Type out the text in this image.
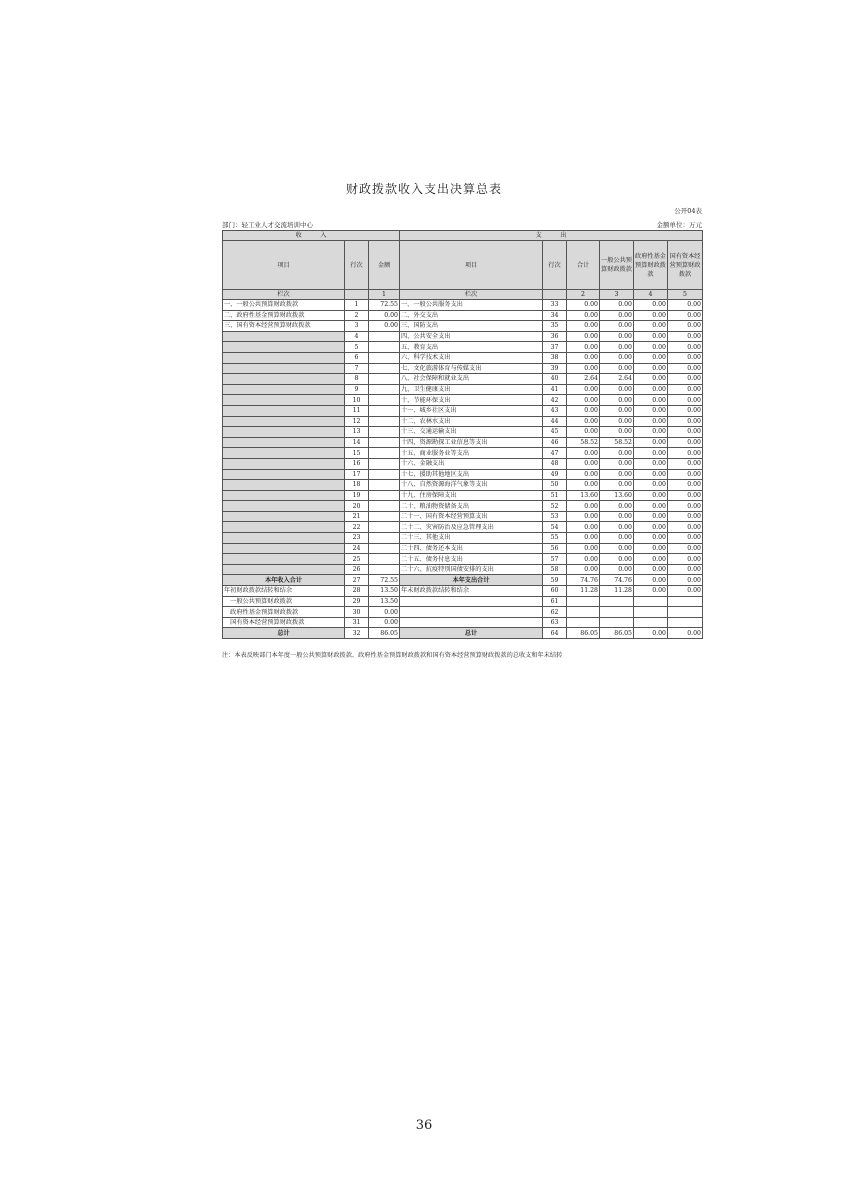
财政拨款收入支出决算总表
公开04表
部门：轻工业人才交流培训中心	金额单位：万元
收　　　入			支　　　出					
项目	行次	金额	项目	行次	合计	一般公共预算财政拨款	政府性基金预算财政拨款	国有资本经营预算财政拨款
栏次		1	栏次		2	3	4	5
一、一般公共预算财政拨款	1	72.55	一、一般公共服务支出	33	0.00	0.00	0.00	0.00
二、政府性基金预算财政拨款	2	0.00	二、外交支出	34	0.00	0.00	0.00	0.00
三、国有资本经营预算财政拨款	3	0.00	三、国防支出	35	0.00	0.00	0.00	0.00
	4		四、公共安全支出	36	0.00	0.00	0.00	0.00
	5		五、教育支出	37	0.00	0.00	0.00	0.00
	6		六、科学技术支出	38	0.00	0.00	0.00	0.00
	7		七、文化旅游体育与传媒支出	39	0.00	0.00	0.00	0.00
	8		八、社会保障和就业支出	40	2.64	2.64	0.00	0.00
	9		九、卫生健康支出	41	0.00	0.00	0.00	0.00
	10		十、节能环保支出	42	0.00	0.00	0.00	0.00
	11		十一、城乡社区支出	43	0.00	0.00	0.00	0.00
	12		十二、农林水支出	44	0.00	0.00	0.00	0.00
	13		十三、交通运输支出	45	0.00	0.00	0.00	0.00
	14		十四、资源勘探工业信息等支出	46	58.52	58.52	0.00	0.00
	15		十五、商业服务业等支出	47	0.00	0.00	0.00	0.00
	16		十六、金融支出	48	0.00	0.00	0.00	0.00
	17		十七、援助其他地区支出	49	0.00	0.00	0.00	0.00
	18		十八、自然资源海洋气象等支出	50	0.00	0.00	0.00	0.00
	19		十九、住房保障支出	51	13.60	13.60	0.00	0.00
	20		二十、粮油物资储备支出	52	0.00	0.00	0.00	0.00
	21		二十一、国有资本经营预算支出	53	0.00	0.00	0.00	0.00
	22		二十二、灾害防治及应急管理支出	54	0.00	0.00	0.00	0.00
	23		二十三、其他支出	55	0.00	0.00	0.00	0.00
	24		二十四、债务还本支出	56	0.00	0.00	0.00	0.00
	25		二十五、债务付息支出	57	0.00	0.00	0.00	0.00
	26		二十六、抗疫特别国债安排的支出	58	0.00	0.00	0.00	0.00
本年收入合计	27	72.55	本年支出合计	59	74.76	74.76	0.00	0.00
年初财政拨款结转和结余	28	13.50	年末财政拨款结转和结余	60	11.28	11.28	0.00	0.00
　一般公共预算财政拨款	29	13.50		61				
　政府性基金预算财政拨款	30	0.00		62				
　国有资本经营预算财政拨款	31	0.00		63				
总计	32	86.05	总计	64	86.05	86.05	0.00	0.00
注：本表反映部门本年度一般公共预算财政拨款、政府性基金预算财政拨款和国有资本经营预算财政拨款的总收支和年末结转
36
